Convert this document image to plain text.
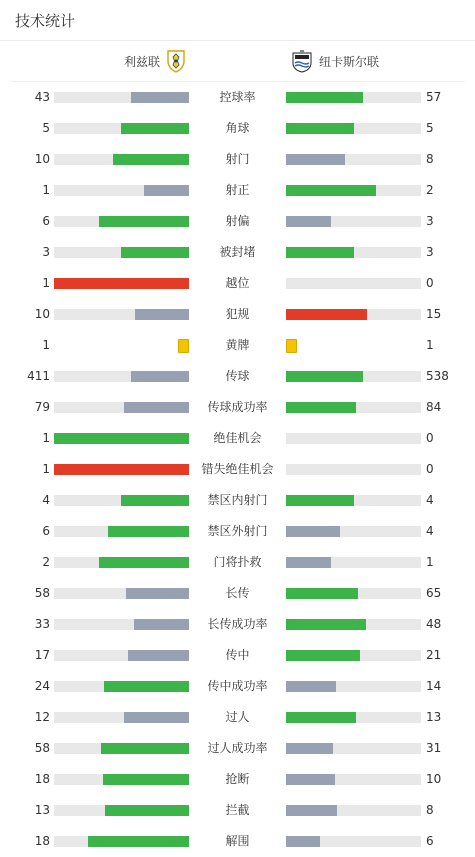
技术统计
利兹联	纽卡斯尔联
43	控球率	57
5	角球	5
10	射门	8
1	射正	2
6	射偏	3
3	被封堵	3
1	越位	0
10	犯规	15
1	黄牌	1
411	传球	538
79	传球成功率	84
1	绝佳机会	0
1	错失绝佳机会	0
4	禁区内射门	4
6	禁区外射门	4
2	门将扑救	1
58	长传	65
33	长传成功率	48
17	传中	21
24	传中成功率	14
12	过人	13
58	过人成功率	31
18	抢断	10
13	拦截	8
18	解围	6
